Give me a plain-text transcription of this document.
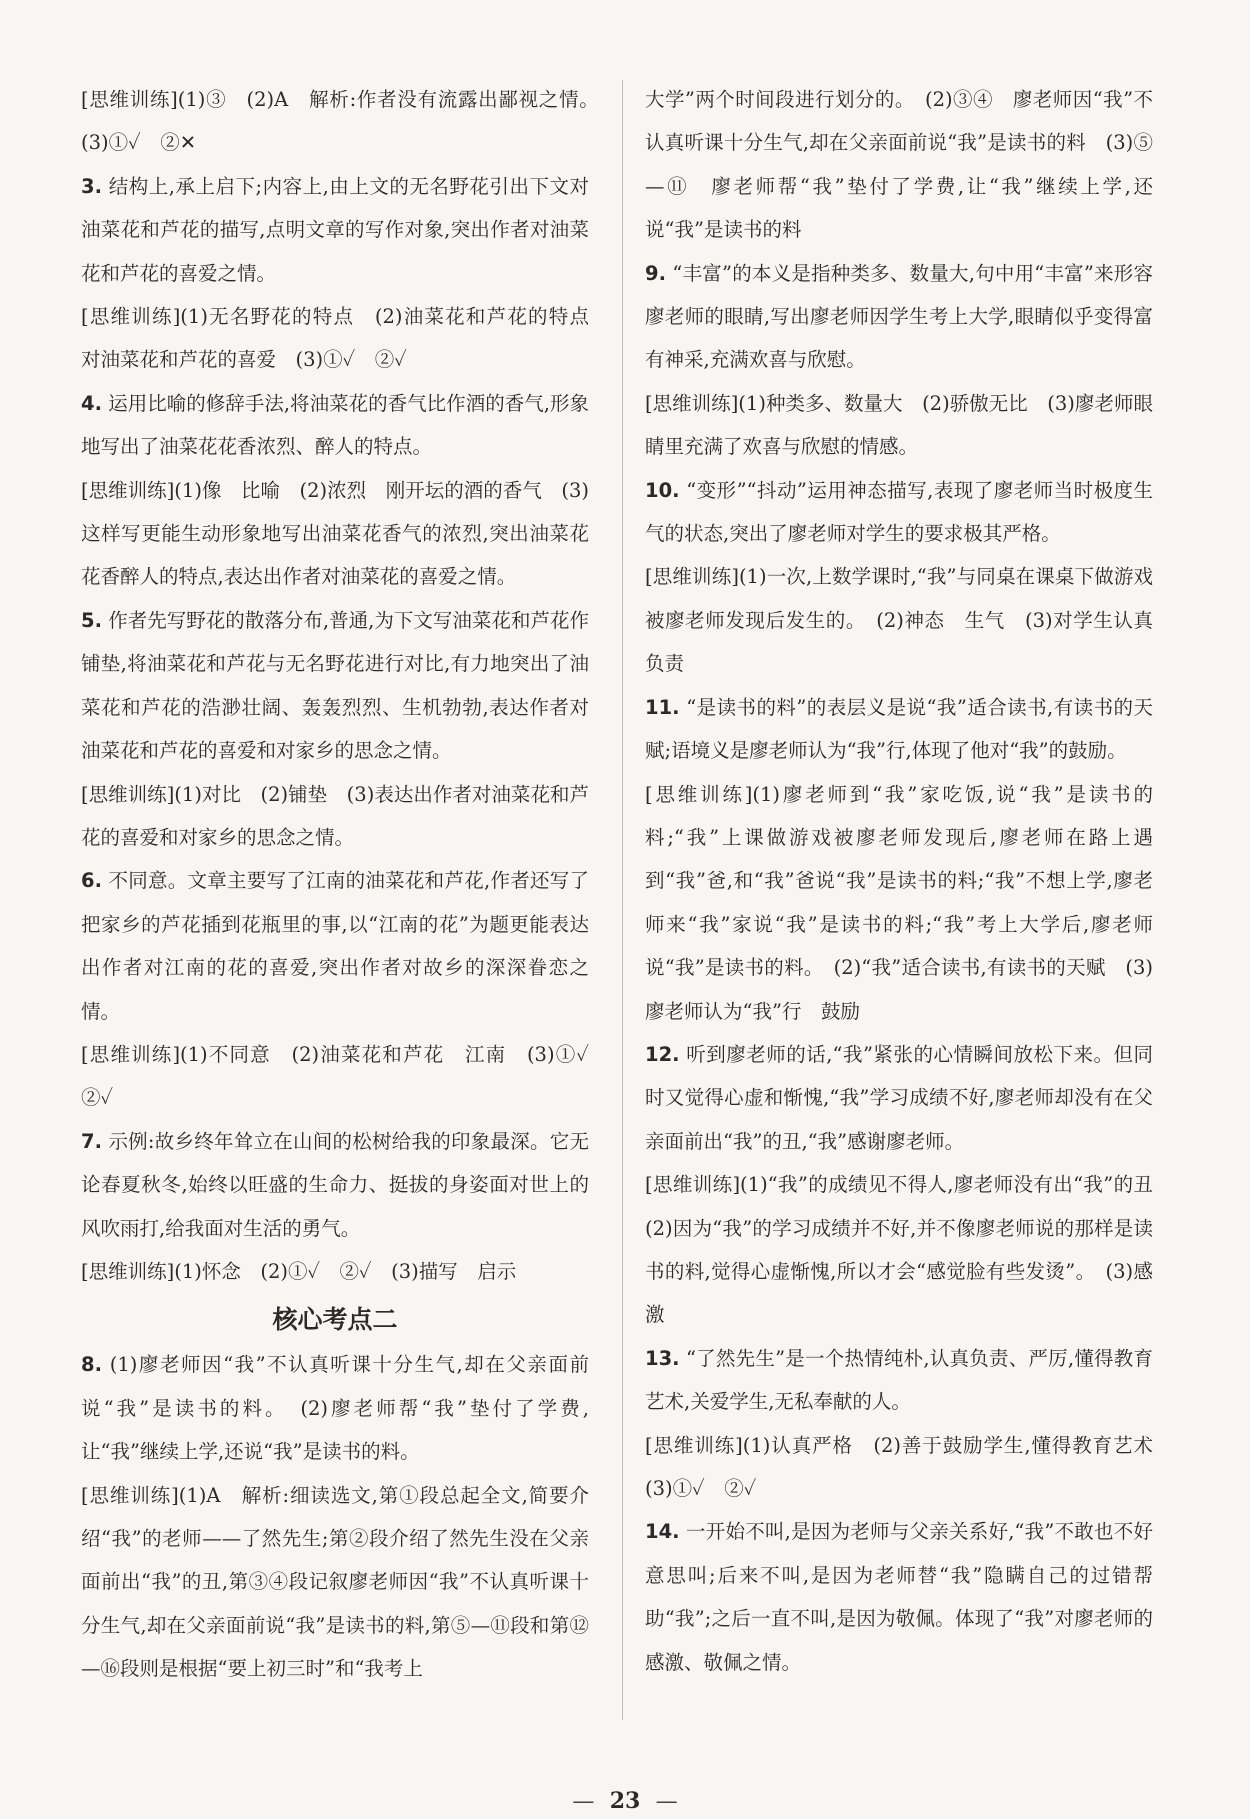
[思维训练](1)③　(2)A　解析:作者没有流露出鄙视之情。　(3)①✓　②✕
3. 结构上,承上启下;内容上,由上文的无名野花引出下文对油菜花和芦花的描写,点明文章的写作对象,突出作者对油菜花和芦花的喜爱之情。
[思维训练](1)无名野花的特点　(2)油菜花和芦花的特点　对油菜花和芦花的喜爱　(3)①✓　②✓
4. 运用比喻的修辞手法,将油菜花的香气比作酒的香气,形象地写出了油菜花花香浓烈、醉人的特点。
[思维训练](1)像　比喻　(2)浓烈　刚开坛的酒的香气　(3)这样写更能生动形象地写出油菜花香气的浓烈,突出油菜花花香醉人的特点,表达出作者对油菜花的喜爱之情。
5. 作者先写野花的散落分布,普通,为下文写油菜花和芦花作铺垫,将油菜花和芦花与无名野花进行对比,有力地突出了油菜花和芦花的浩渺壮阔、轰轰烈烈、生机勃勃,表达作者对油菜花和芦花的喜爱和对家乡的思念之情。
[思维训练](1)对比　(2)铺垫　(3)表达出作者对油菜花和芦花的喜爱和对家乡的思念之情。
6. 不同意。文章主要写了江南的油菜花和芦花,作者还写了把家乡的芦花插到花瓶里的事,以“江南的花”为题更能表达出作者对江南的花的喜爱,突出作者对故乡的深深眷恋之情。
[思维训练](1)不同意　(2)油菜花和芦花　江南　(3)①✓　②✓
7. 示例:故乡终年耸立在山间的松树给我的印象最深。它无论春夏秋冬,始终以旺盛的生命力、挺拔的身姿面对世上的风吹雨打,给我面对生活的勇气。
[思维训练](1)怀念　(2)①✓　②✓　(3)描写　启示
核心考点二
8. (1)廖老师因“我”不认真听课十分生气,却在父亲面前说“我”是读书的料。　(2)廖老师帮“我”垫付了学费,让“我”继续上学,还说“我”是读书的料。
[思维训练](1)A　解析:细读选文,第①段总起全文,简要介绍“我”的老师——了然先生;第②段介绍了然先生没在父亲面前出“我”的丑,第③④段记叙廖老师因“我”不认真听课十分生气,却在父亲面前说“我”是读书的料,第⑤—⑪段和第⑫—⑯段则是根据“要上初三时”和“我考上
大学”两个时间段进行划分的。　(2)③④　廖老师因“我”不认真听课十分生气,却在父亲面前说“我”是读书的料　(3)⑤—⑪　廖老师帮“我”垫付了学费,让“我”继续上学,还说“我”是读书的料
9. “丰富”的本义是指种类多、数量大,句中用“丰富”来形容廖老师的眼睛,写出廖老师因学生考上大学,眼睛似乎变得富有神采,充满欢喜与欣慰。
[思维训练](1)种类多、数量大　(2)骄傲无比　(3)廖老师眼睛里充满了欢喜与欣慰的情感。
10. “变形”“抖动”运用神态描写,表现了廖老师当时极度生气的状态,突出了廖老师对学生的要求极其严格。
[思维训练](1)一次,上数学课时,“我”与同桌在课桌下做游戏被廖老师发现后发生的。　(2)神态　生气　(3)对学生认真负责
11. “是读书的料”的表层义是说“我”适合读书,有读书的天赋;语境义是廖老师认为“我”行,体现了他对“我”的鼓励。
[思维训练](1)廖老师到“我”家吃饭,说“我”是读书的料;“我”上课做游戏被廖老师发现后,廖老师在路上遇到“我”爸,和“我”爸说“我”是读书的料;“我”不想上学,廖老师来“我”家说“我”是读书的料;“我”考上大学后,廖老师说“我”是读书的料。　(2)“我”适合读书,有读书的天赋　(3)廖老师认为“我”行　鼓励
12. 听到廖老师的话,“我”紧张的心情瞬间放松下来。但同时又觉得心虚和惭愧,“我”学习成绩不好,廖老师却没有在父亲面前出“我”的丑,“我”感谢廖老师。
[思维训练](1)“我”的成绩见不得人,廖老师没有出“我”的丑　(2)因为“我”的学习成绩并不好,并不像廖老师说的那样是读书的料,觉得心虚惭愧,所以才会“感觉脸有些发烫”。　(3)感激
13. “了然先生”是一个热情纯朴,认真负责、严厉,懂得教育艺术,关爱学生,无私奉献的人。
[思维训练](1)认真严格　(2)善于鼓励学生,懂得教育艺术　(3)①✓　②✓
14. 一开始不叫,是因为老师与父亲关系好,“我”不敢也不好意思叫;后来不叫,是因为老师替“我”隐瞒自己的过错帮助“我”;之后一直不叫,是因为敬佩。体现了“我”对廖老师的感激、敬佩之情。
— 23 —
